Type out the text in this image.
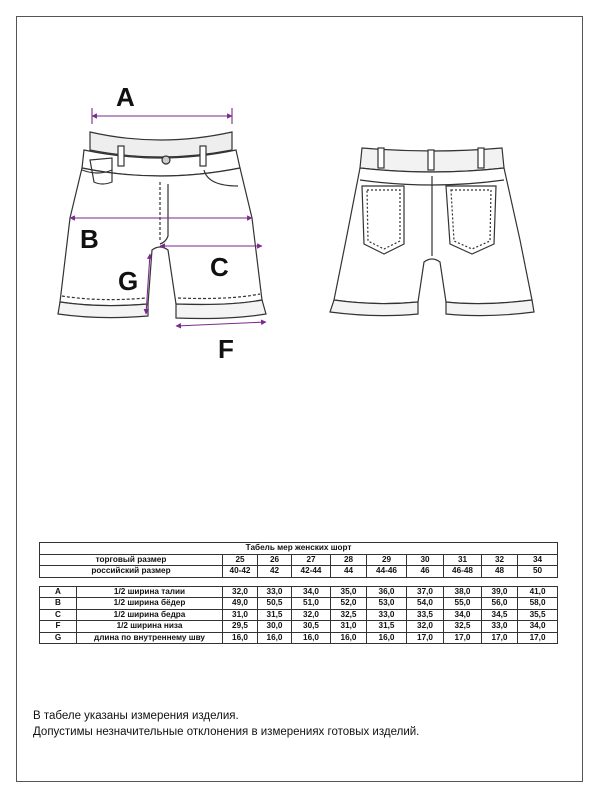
A
B
C
G
F
Табель мер женских шорт										
торговый размер		25	26	27	28	29	30	31	32	34
российский размер		40-42	42	42-44	44	44-46	46	46-48	48	50

A	1/2 ширина талии	32,0	33,0	34,0	35,0	36,0	37,0	38,0	39,0	41,0
B	1/2 ширина бёдер	49,0	50,5	51,0	52,0	53,0	54,0	55,0	56,0	58,0
C	1/2 ширина бедра	31,0	31,5	32,0	32,5	33,0	33,5	34,0	34,5	35,5
F	1/2 ширина низа	29,5	30,0	30,5	31,0	31,5	32,0	32,5	33,0	34,0
G	длина по внутреннему шву	16,0	16,0	16,0	16,0	16,0	17,0	17,0	17,0	17,0
В табеле указаны измерения изделия.
Допустимы незначительные отклонения в измерениях готовых изделий.
